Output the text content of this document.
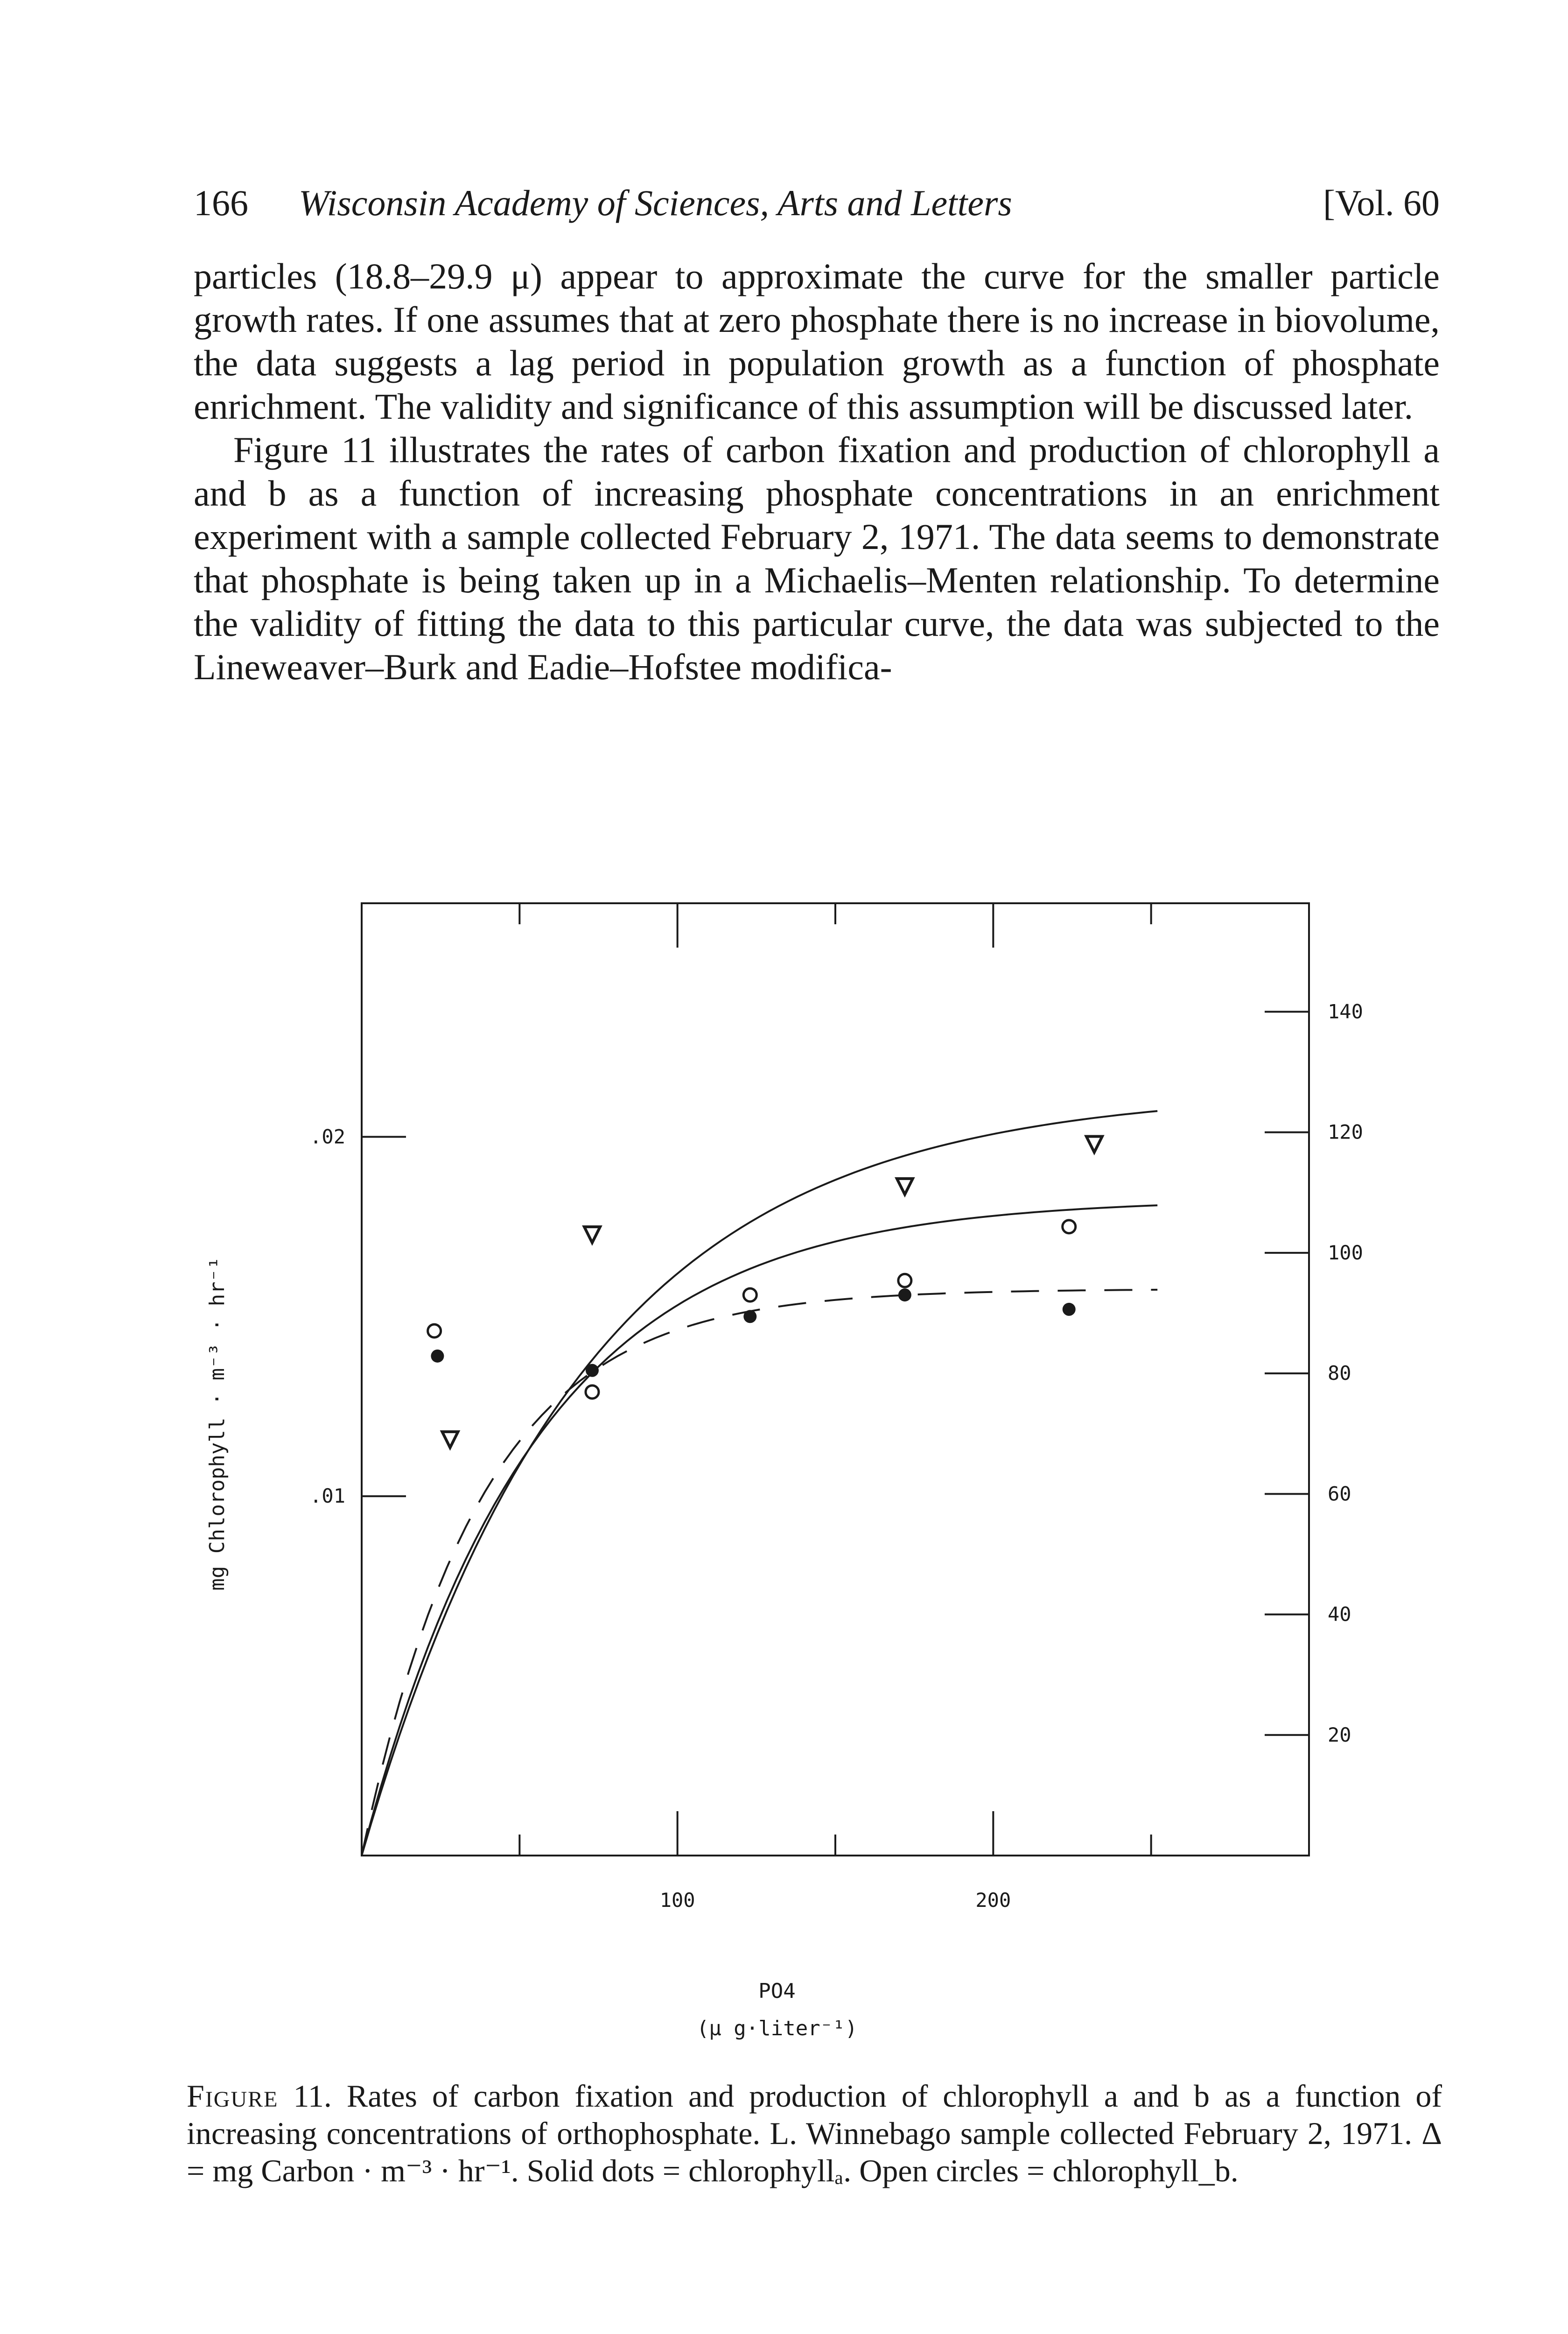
166 Wisconsin Academy of Sciences, Arts and Letters	[Vol. 60

particles (18.8–29.9 μ) appear to approximate the curve for the smaller particle growth rates. If one assumes that at zero phosphate there is no increase in biovolume, the data suggests a lag period in population growth as a function of phosphate enrichment. The validity and significance of this assumption will be discussed later.

Figure 11 illustrates the rates of carbon fixation and production of chlorophyll a and b as a function of increasing phosphate concentrations in an enrichment experiment with a sample collected February 2, 1971. The data seems to demonstrate that phosphate is being taken up in a Michaelis–Menten relationship. To determine the validity of fitting the data to this particular curve, the data was subjected to the Lineweaver–Burk and Eadie–Hofstee modifica-

100	200
.01
.02
20
40
60
80
100
120
140
PO4
(μ g·liter⁻¹)
mg Chlorophyll · m⁻³ · hr⁻¹
Figure 11. Rates of carbon fixation and production of chlorophyll a and b as a function of increasing concentrations of orthophosphate. L. Winnebago sample collected February 2, 1971. Δ = mg Carbon · m⁻³ · hr⁻¹. Solid dots = chlorophyllₐ. Open circles = chlorophyll_b.
